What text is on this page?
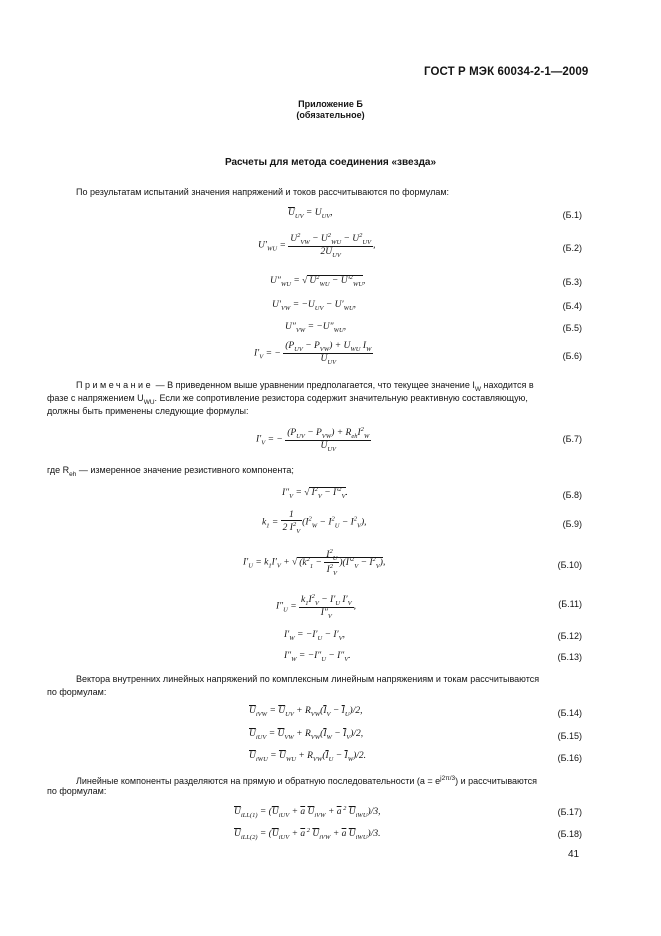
ГОСТ Р МЭК 60034-2-1—2009
Приложение Б
(обязательное)
Расчеты для метода соединения «звезда»
По результатам испытаний значения напряжений и токов рассчитываются по формулам:
$\overline{U}_{UV} = U_{UV}$,	(Б.1)
$U'_{WU} = \frac{U^2_{VW} - U^2_{WU} - U^2_{UV}}{2U_{UV}}$ ,	(Б.2)
$U''_{WU}$ = √ $U^2_{WU} - U'^2_{WU}$,	(Б.3)
$U'_{VW} = -U_{UV} - U'_{WU}$,	(Б.4)
$U''_{VW} = -U''_{WU}$,	(Б.5)
$I'_V$ = − $\frac{(P_{UV} - P_{VW}) + U_{WU} I_W}{U_{UV}}$	(Б.6)
Примечание — В приведенном выше уравнении предполагается, что текущее значение $I_W$ находится в
фазе с напряжением $U_{WU}$. Если же сопротивление резистора содержит значительную реактивную составляющую,
должны быть применены следующие формулы:
$I'_V$ = − $\frac{(P_{UV} - P_{VW}) + R_{eh}I^2_W}{U_{UV}}$	(Б.7)
где $R_{eh}$ — измеренное значение резистивного компонента;
$I''_V$ = √ $I^2_V - I'^2_V$.	(Б.8)
$k_1 = \frac{1}{2 I^2_V} (I^2_W - I^2_U - I^2_V)$,	(Б.9)
$I'_U = k_1I'_V$ + √ $(k^2_1 - \frac{I^2_U}{I^2_V} )(I'^2_V - I^2_V)$,	(Б.10)
$I''_U = \frac{k_1I^2_V - I'_U I'_V}{I''_V}$ ,	(Б.11)
$I'_W = -I'_U - I'_V$,	(Б.12)
$I''_W = -I''_U - I''_V$.	(Б.13)
Вектора внутренних линейных напряжений по комплексным линейным напряжениям и токам рассчитываются
по формулам:
$\overline{U}_{iVW} = \overline{U}_{UV} + R_{VW}(\overline{I}_V - \overline{I}_U)/2$,	(Б.14)
$\overline{U}_{iUV} = \overline{U}_{VW} + R_{VW}(\overline{I}_W - \overline{I}_V)/2$,	(Б.15)
$\overline{U}_{iWU} = \overline{U}_{WU} + R_{VW}(\overline{I}_U - \overline{I}_W)/2$.	(Б.16)
Линейные компоненты разделяются на прямую и обратную последовательности $(a = e^{j2\pi/3})$ и рассчитываются
по формулам:
$\overline{U}_{iLL(1)} = (\overline{U}_{iUV} + \overline{a}$ $\overline{U}_{iVW} + \overline{a}$ $^2$ $\overline{U}_{iWU})/3$,	(Б.17)
$\overline{U}_{iLL(2)} = (\overline{U}_{iUV} + \overline{a}$ $^2$ $\overline{U}_{iVW} + \overline{a}$ $\overline{U}_{iWU})/3$.	(Б.18)
41
